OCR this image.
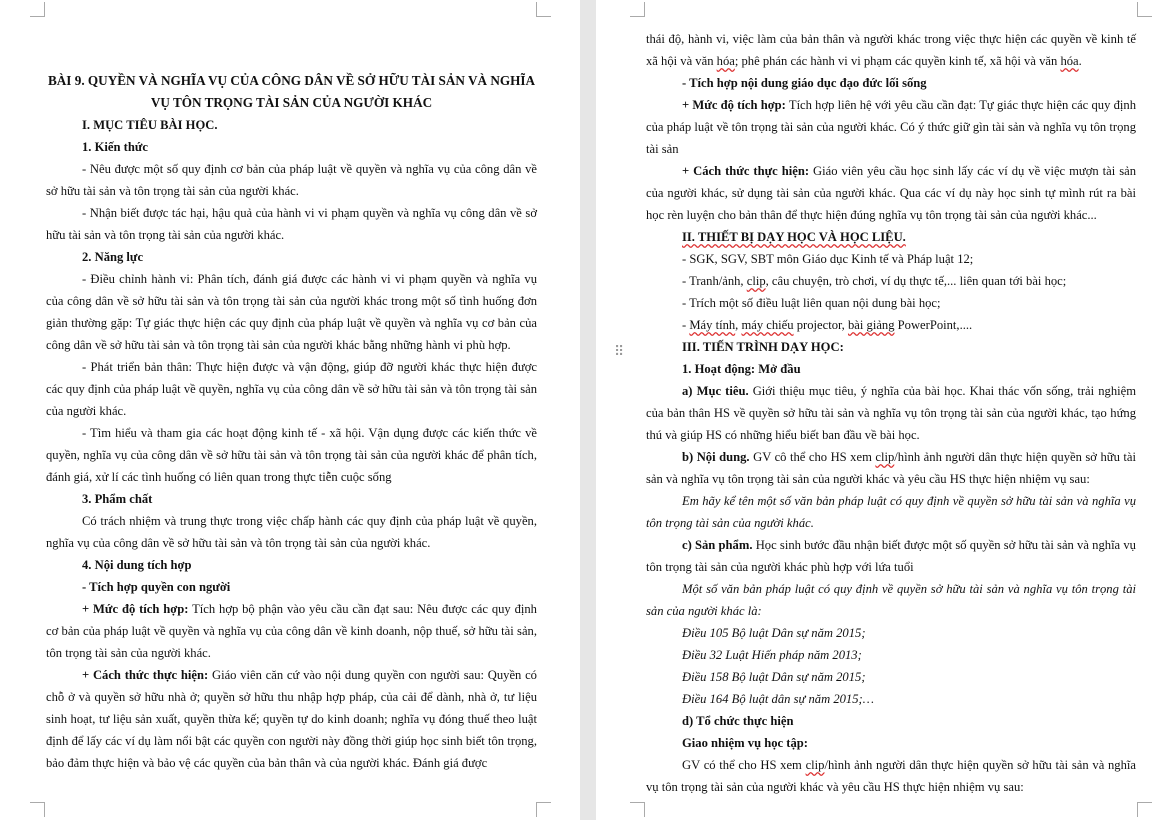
BÀI 9. QUYỀN VÀ NGHĨA VỤ CỦA CÔNG DÂN VỀ SỞ HỮU TÀI SẢN VÀ NGHĨA VỤ TÔN TRỌNG TÀI SẢN CỦA NGƯỜI KHÁC

I. MỤC TIÊU BÀI HỌC.

1. Kiến thức

- Nêu được một số quy định cơ bản của pháp luật về quyền và nghĩa vụ của công dân về sở hữu tài sản và tôn trọng tài sản của người khác.

- Nhận biết được tác hại, hậu quả của hành vi vi phạm quyền và nghĩa vụ công dân về sở hữu tài sản và tôn trọng tài sản của người khác.

2. Năng lực

- Điều chỉnh hành vi: Phân tích, đánh giá được các hành vi vi phạm quyền và nghĩa vụ của công dân về sở hữu tài sản và tôn trọng tài sản của người khác trong một số tình huống đơn giản thường gặp: Tự giác thực hiện các quy định của pháp luật về quyền và nghĩa vụ cơ bản của công dân về sở hữu tài sản và tôn trọng tài sản của người khác bằng những hành vi phù hợp.

- Phát triển bản thân: Thực hiện được và vận động, giúp đỡ người khác thực hiện được các quy định của pháp luật về quyền, nghĩa vụ của công dân về sở hữu tài sản và tôn trọng tài sản của người khác.

- Tìm hiểu và tham gia các hoạt động kinh tế - xã hội. Vận dụng được các kiến thức về quyền, nghĩa vụ của công dân về sở hữu tài sản và tôn trọng tài sản của người khác để phân tích, đánh giá, xử lí các tình huống có liên quan trong thực tiễn cuộc sống

3. Phẩm chất

Có trách nhiệm và trung thực trong việc chấp hành các quy định của pháp luật về quyền, nghĩa vụ của công dân về sở hữu tài sản và tôn trọng tài sản của người khác.

4. Nội dung tích hợp

- Tích hợp quyền con người

+ Mức độ tích hợp: Tích hợp bộ phận vào yêu cầu cần đạt sau: Nêu được các quy định cơ bản của pháp luật về quyền và nghĩa vụ của công dân về kinh doanh, nộp thuế, sở hữu tài sản, tôn trọng tài sản của người khác.

+ Cách thức thực hiện: Giáo viên căn cứ vào nội dung quyền con người sau: Quyền có chỗ ở và quyền sở hữu nhà ở; quyền sở hữu thu nhập hợp pháp, của cải để dành, nhà ở, tư liệu sinh hoạt, tư liệu sản xuất, quyền thừa kế; quyền tự do kinh doanh; nghĩa vụ đóng thuế theo luật định để lấy các ví dụ làm nổi bật các quyền con người này đồng thời giúp học sinh biết tôn trọng, bảo đảm thực hiện và bảo vệ các quyền của bản thân và của người khác. Đánh giá được

thái độ, hành vi, việc làm của bản thân và người khác trong việc thực hiện các quyền về kinh tế xã hội và văn hóa; phê phán các hành vi vi phạm các quyền kinh tế, xã hội và văn hóa.

- Tích hợp nội dung giáo dục đạo đức lối sống

+ Mức độ tích hợp: Tích hợp liên hệ với yêu cầu cần đạt: Tự giác thực hiện các quy định của pháp luật về tôn trọng tài sản của người khác. Có ý thức giữ gìn tài sản và nghĩa vụ tôn trọng tài sản

+ Cách thức thực hiện: Giáo viên yêu cầu học sinh lấy các ví dụ về việc mượn tài sản của người khác, sử dụng tài sản của người khác. Qua các ví dụ này học sinh tự mình rút ra bài học rèn luyện cho bản thân để thực hiện đúng nghĩa vụ tôn trọng tài sản của người khác...

II. THIẾT BỊ DẠY HỌC VÀ HỌC LIỆU.

- SGK, SGV, SBT môn Giáo dục Kinh tế và Pháp luật 12;

- Tranh/ảnh, clip, câu chuyện, trò chơi, ví dụ thực tế,... liên quan tới bài học;

- Trích một số điều luật liên quan nội dung bài học;

- Máy tính, máy chiếu projector, bài giảng PowerPoint,....

III. TIẾN TRÌNH DẠY HỌC:

1. Hoạt động: Mở đầu

a) Mục tiêu. Giới thiệu mục tiêu, ý nghĩa của bài học. Khai thác vốn sống, trải nghiệm của bản thân HS về quyền sở hữu tài sản và nghĩa vụ tôn trọng tài sản của người khác, tạo hứng thú và giúp HS có những hiểu biết ban đầu về bài học.

b) Nội dung. GV cô thể cho HS xem clip/hình ảnh người dân thực hiện quyền sở hữu tài sản và nghĩa vụ tôn trọng tài sản của người khác và yêu cầu HS thực hiện nhiệm vụ sau:

Em hãy kể tên một số văn bản pháp luật có quy định về quyền sở hữu tài sản và nghĩa vụ tôn trọng tài sản của người khác.

c) Sản phẩm. Học sinh bước đầu nhận biết được một số quyền sở hữu tài sản và nghĩa vụ tôn trọng tài sản của người khác phù hợp với lứa tuổi

Một số văn bản pháp luật có quy định về quyền sở hữu tài sản và nghĩa vụ tôn trọng tài sản của người khác là:

Điều 105 Bộ luật Dân sự năm 2015;

Điều 32 Luật Hiến pháp năm 2013;

Điều 158 Bộ luật Dân sự năm 2015;

Điều 164 Bộ luật dân sự năm 2015;…

d) Tổ chức thực hiện

Giao nhiệm vụ học tập:

GV có thể cho HS xem clip/hình ảnh người dân thực hiện quyền sở hữu tài sản và nghĩa vụ tôn trọng tài sản của người khác và yêu cầu HS thực hiện nhiệm vụ sau:

⠿
